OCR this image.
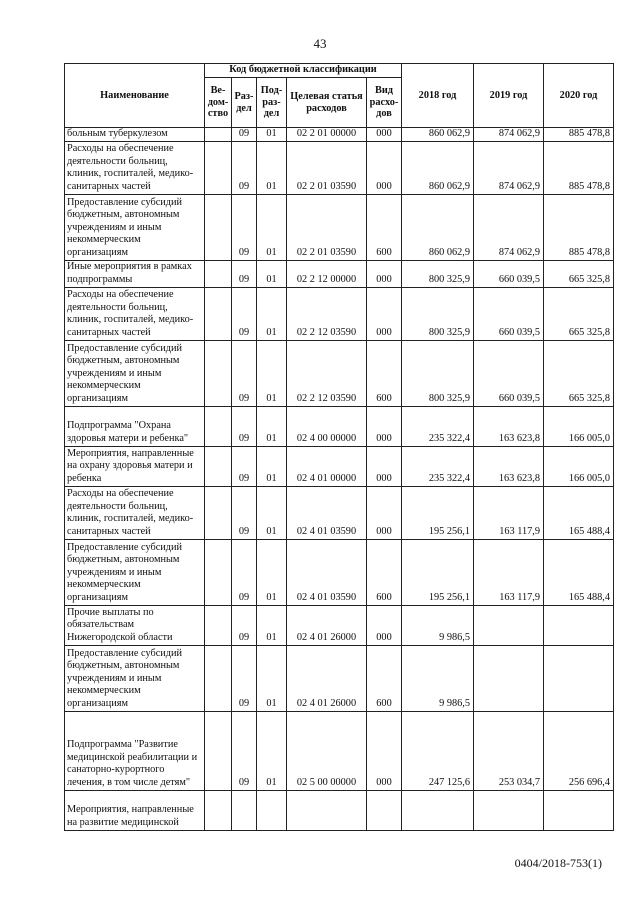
43
Наименование	Код бюджетной классификации					2018 год	2019 год	2020 год
	Ве-дом-ство	Раз-дел	Под-раз-дел	Целевая статья расходов	Вид расхо-дов			
больным туберкулезом		09	01	02 2 01 00000	000	860 062,9	874 062,9	885 478,8
Расходы на обеспечение деятельности больниц, клиник, госпиталей, медико-санитарных частей		09	01	02 2 01 03590	000	860 062,9	874 062,9	885 478,8
Предоставление субсидий бюджетным, автономным учреждениям и иным некоммерческим организациям		09	01	02 2 01 03590	600	860 062,9	874 062,9	885 478,8
Иные мероприятия в рамках подпрограммы		09	01	02 2 12 00000	000	800 325,9	660 039,5	665 325,8
Расходы на обеспечение деятельности больниц, клиник, госпиталей, медико-санитарных частей		09	01	02 2 12 03590	000	800 325,9	660 039,5	665 325,8
Предоставление субсидий бюджетным, автономным учреждениям и иным некоммерческим организациям		09	01	02 2 12 03590	600	800 325,9	660 039,5	665 325,8
Подпрограмма "Охрана здоровья матери и ребенка"		09	01	02 4 00 00000	000	235 322,4	163 623,8	166 005,0
Мероприятия, направленные на охрану здоровья матери и ребенка		09	01	02 4 01 00000	000	235 322,4	163 623,8	166 005,0
Расходы на обеспечение деятельности больниц, клиник, госпиталей, медико-санитарных частей		09	01	02 4 01 03590	000	195 256,1	163 117,9	165 488,4
Предоставление субсидий бюджетным, автономным учреждениям и иным некоммерческим организациям		09	01	02 4 01 03590	600	195 256,1	163 117,9	165 488,4
Прочие выплаты по обязательствам Нижегородской области		09	01	02 4 01 26000	000	9 986,5		
Предоставление субсидий бюджетным, автономным учреждениям и иным некоммерческим организациям		09	01	02 4 01 26000	600	9 986,5		
Подпрограмма "Развитие медицинской реабилитации и санаторно-курортного лечения, в том числе детям"		09	01	02 5 00 00000	000	247 125,6	253 034,7	256 696,4
Мероприятия, направленные на развитие медицинской								
0404/2018-753(1)
